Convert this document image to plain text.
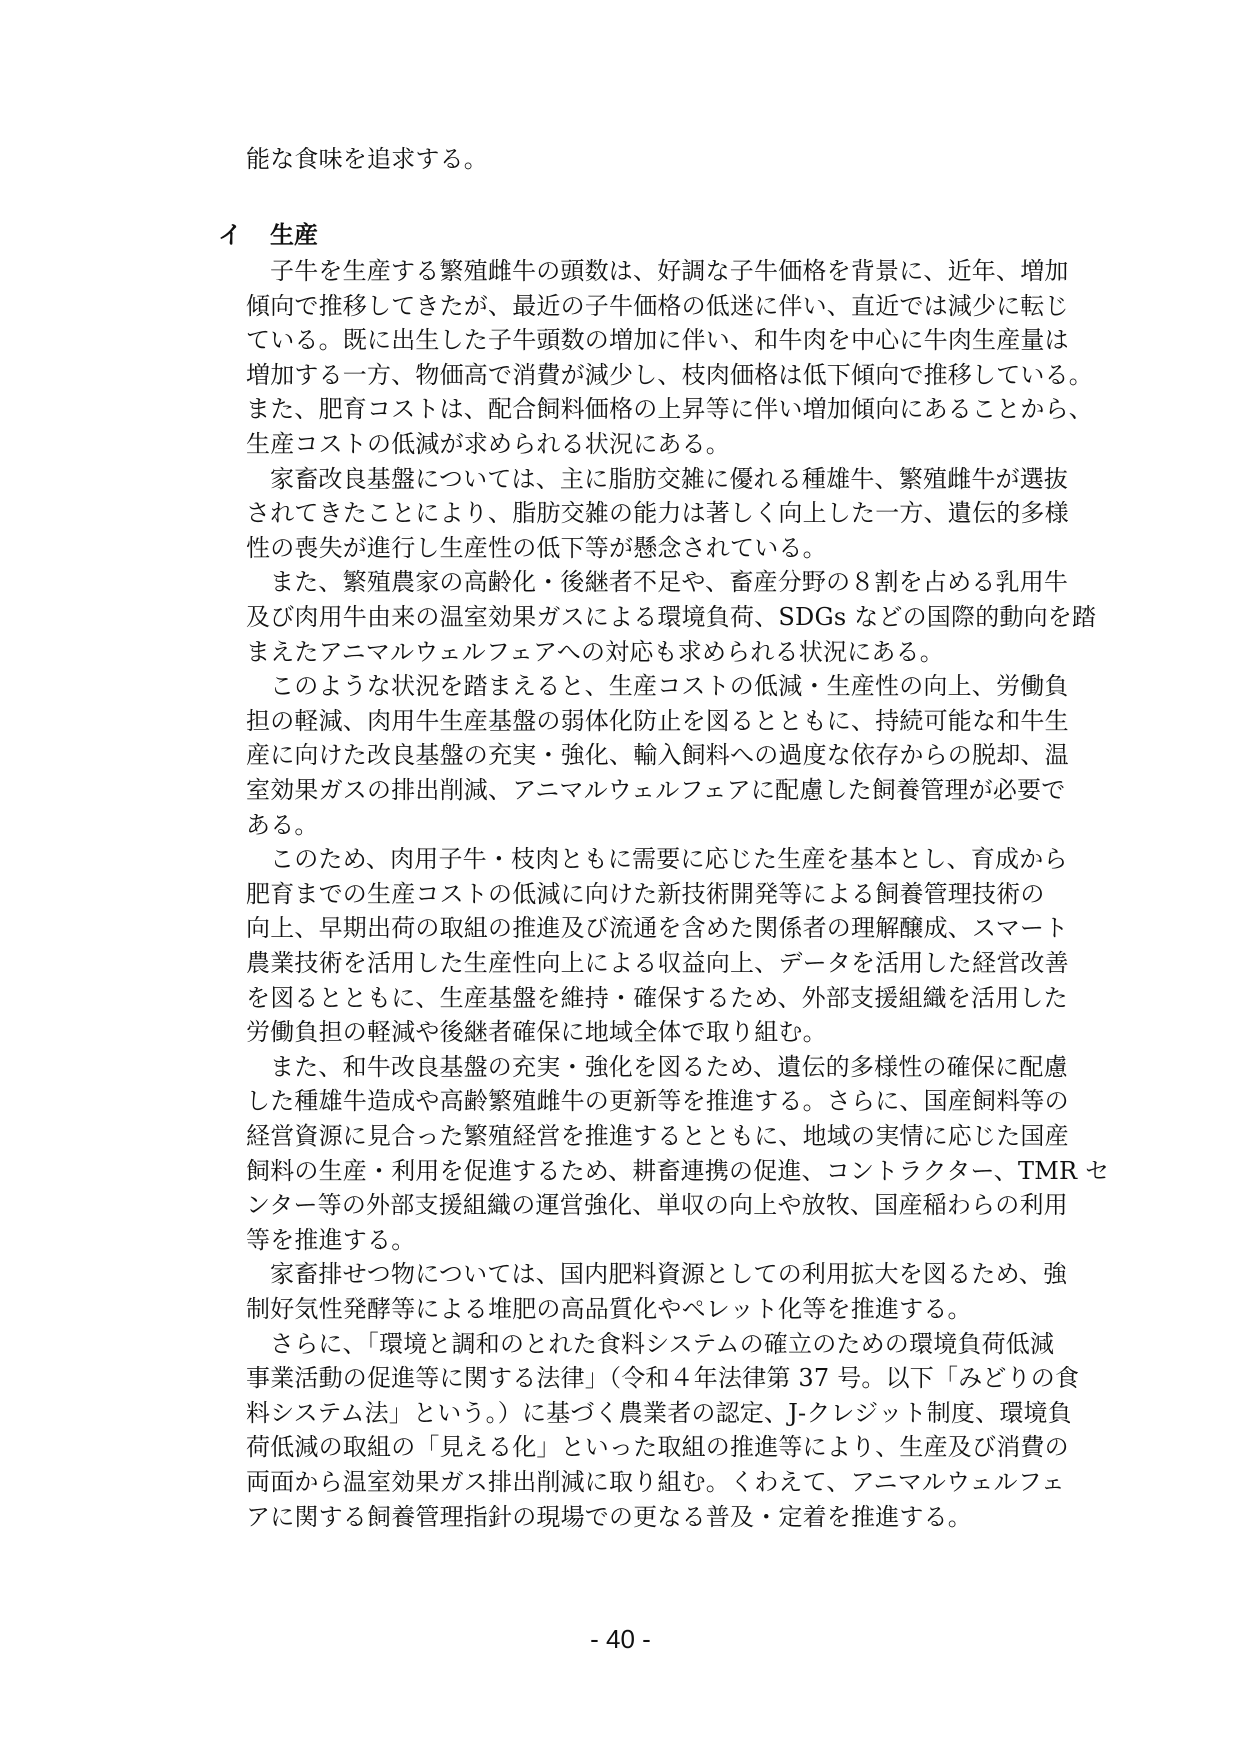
能な食味を追求する。
イ 生産
子牛を生産する繁殖雌牛の頭数は、好調な子牛価格を背景に、近年、増加
傾向で推移してきたが、最近の子牛価格の低迷に伴い、直近では減少に転じ
ている。既に出生した子牛頭数の増加に伴い、和牛肉を中心に牛肉生産量は
増加する一方、物価高で消費が減少し、枝肉価格は低下傾向で推移している。
また、肥育コストは、配合飼料価格の上昇等に伴い増加傾向にあることから、
生産コストの低減が求められる状況にある。
家畜改良基盤については、主に脂肪交雑に優れる種雄牛、繁殖雌牛が選抜
されてきたことにより、脂肪交雑の能力は著しく向上した一方、遺伝的多様
性の喪失が進行し生産性の低下等が懸念されている。
また、繁殖農家の高齢化・後継者不足や、畜産分野の８割を占める乳用牛
及び肉用牛由来の温室効果ガスによる環境負荷、SDGs などの国際的動向を踏
まえたアニマルウェルフェアへの対応も求められる状況にある。
このような状況を踏まえると、生産コストの低減・生産性の向上、労働負
担の軽減、肉用牛生産基盤の弱体化防止を図るとともに、持続可能な和牛生
産に向けた改良基盤の充実・強化、輸入飼料への過度な依存からの脱却、温
室効果ガスの排出削減、アニマルウェルフェアに配慮した飼養管理が必要で
ある。
このため、肉用子牛・枝肉ともに需要に応じた生産を基本とし、育成から
肥育までの生産コストの低減に向けた新技術開発等による飼養管理技術の
向上、早期出荷の取組の推進及び流通を含めた関係者の理解醸成、スマート
農業技術を活用した生産性向上による収益向上、データを活用した経営改善
を図るとともに、生産基盤を維持・確保するため、外部支援組織を活用した
労働負担の軽減や後継者確保に地域全体で取り組む。
また、和牛改良基盤の充実・強化を図るため、遺伝的多様性の確保に配慮
した種雄牛造成や高齢繁殖雌牛の更新等を推進する。さらに、国産飼料等の
経営資源に見合った繁殖経営を推進するとともに、地域の実情に応じた国産
飼料の生産・利用を促進するため、耕畜連携の促進、コントラクター、TMR セ
ンター等の外部支援組織の運営強化、単収の向上や放牧、国産稲わらの利用
等を推進する。
家畜排せつ物については、国内肥料資源としての利用拡大を図るため、強
制好気性発酵等による堆肥の高品質化やペレット化等を推進する。
さらに、「環境と調和のとれた食料システムの確立のための環境負荷低減
事業活動の促進等に関する法律」（令和４年法律第 37 号。以下「みどりの食
料システム法」という。）に基づく農業者の認定、J-クレジット制度、環境負
荷低減の取組の「見える化」といった取組の推進等により、生産及び消費の
両面から温室効果ガス排出削減に取り組む。くわえて、アニマルウェルフェ
アに関する飼養管理指針の現場での更なる普及・定着を推進する。
- 40 -
